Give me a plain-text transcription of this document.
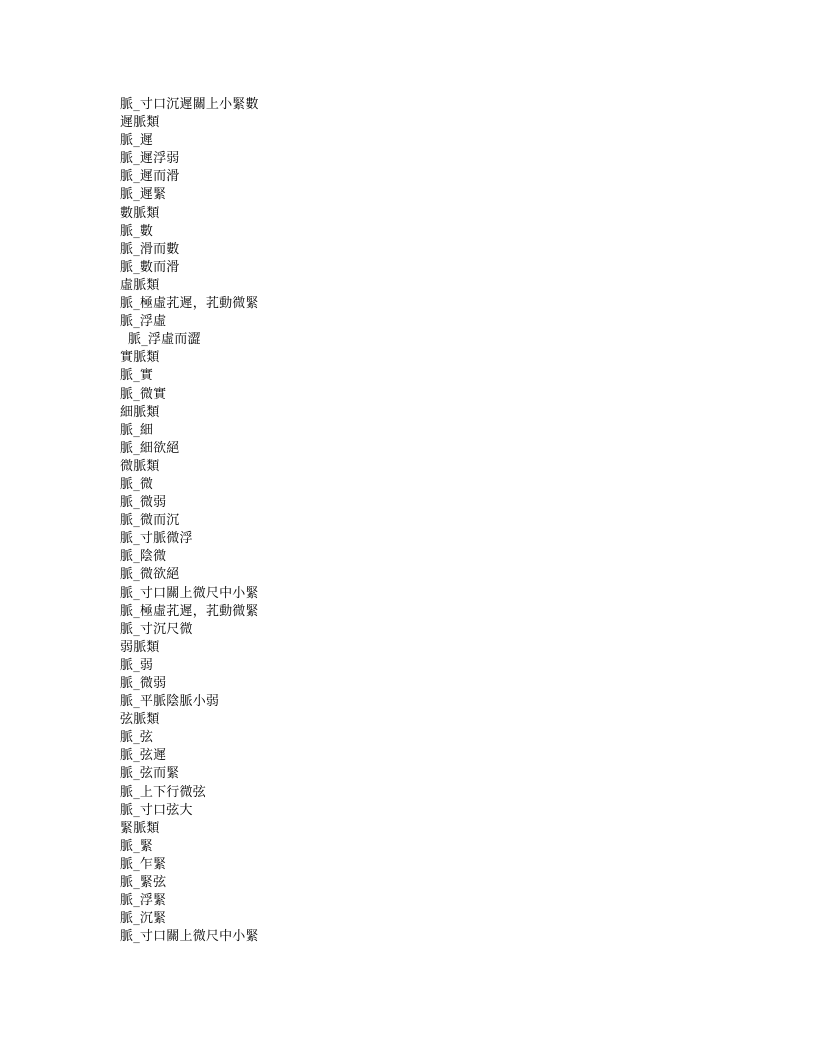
脈_寸口沉遲關上小緊數
遲脈類
脈_遲
脈_遲浮弱
脈_遲而滑
脈_遲緊
數脈類
脈_數
脈_滑而數
脈_數而滑
虛脈類
脈_極虛芤遲，芤動微緊
脈_浮虛
脈_浮虛而澀
實脈類
脈_實
脈_微實
細脈類
脈_細
脈_細欲絕
微脈類
脈_微
脈_微弱
脈_微而沉
脈_寸脈微浮
脈_陰微
脈_微欲絕
脈_寸口關上微尺中小緊
脈_極虛芤遲，芤動微緊
脈_寸沉尺微
弱脈類
脈_弱
脈_微弱
脈_平脈陰脈小弱
弦脈類
脈_弦
脈_弦遲
脈_弦而緊
脈_上下行微弦
脈_寸口弦大
緊脈類
脈_緊
脈_乍緊
脈_緊弦
脈_浮緊
脈_沉緊
脈_寸口關上微尺中小緊
